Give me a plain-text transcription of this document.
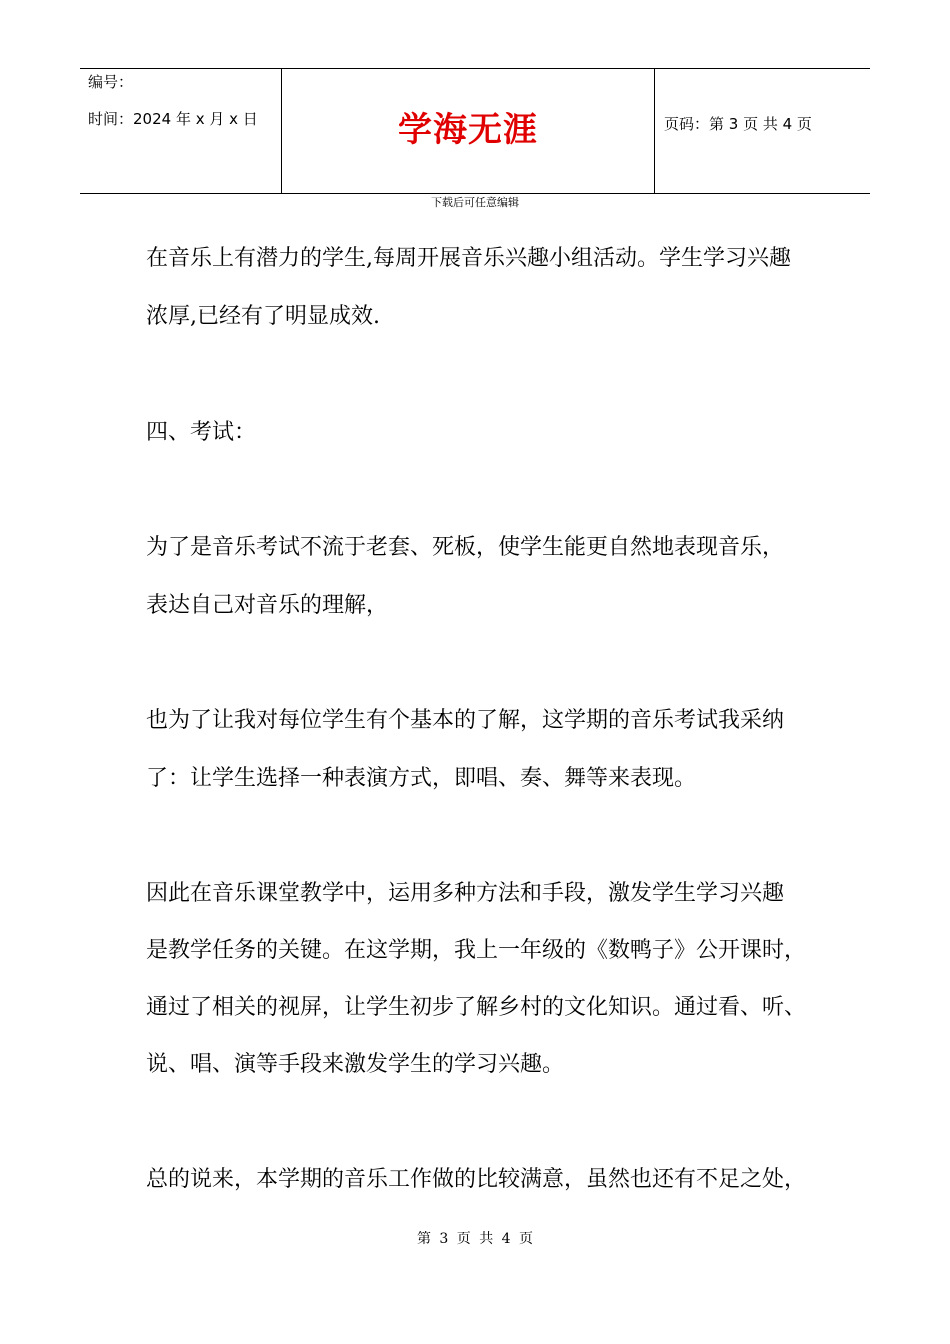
编号：
时间：2024 年 x 月 x 日	学海无涯	页码：第 3 页 共 4 页
下载后可任意编辑
在音乐上有潜力的学生,每周开展音乐兴趣小组活动。学生学习兴趣
浓厚,已经有了明显成效.
四、考试：
为了是音乐考试不流于老套、死板，使学生能更自然地表现音乐，
表达自己对音乐的理解，
也为了让我对每位学生有个基本的了解，这学期的音乐考试我采纳
了：让学生选择一种表演方式，即唱、奏、舞等来表现。
因此在音乐课堂教学中，运用多种方法和手段，激发学生学习兴趣
是教学任务的关键。在这学期，我上一年级的《数鸭子》公开课时，
通过了相关的视屏，让学生初步了解乡村的文化知识。通过看、听、
说、唱、演等手段来激发学生的学习兴趣。
总的说来，本学期的音乐工作做的比较满意，虽然也还有不足之处，
第 3 页 共 4 页
